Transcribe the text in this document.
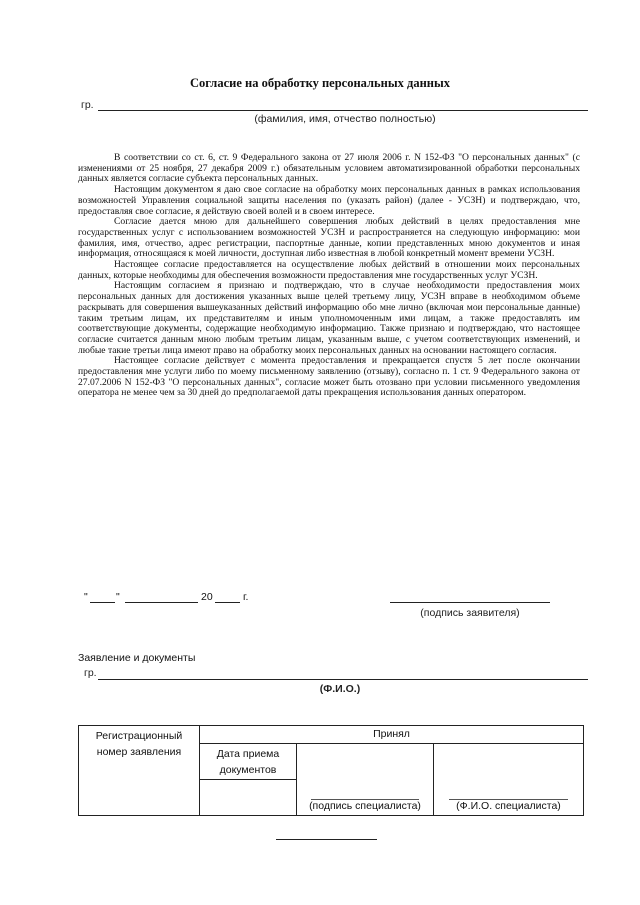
Согласие на обработку персональных данных
гр.
(фамилия, имя, отчество полностью)

В соответствии со ст. 6, ст. 9 Федерального закона от 27 июля 2006 г. N 152-ФЗ "О персональных данных" (с изменениями от 25 ноября, 27 декабря 2009 г.) обязательным условием автоматизированной обработки персональных данных является согласие субъекта персональных данных.

Настоящим документом я даю свое согласие на обработку моих персональных данных в рамках использования возможностей Управления социальной защиты населения по (указать район) (далее - УСЗН) и подтверждаю, что, предоставляя свое согласие, я действую своей волей и в своем интересе.

Согласие дается мною для дальнейшего совершения любых действий в целях предоставления мне государственных услуг с использованием возможностей УСЗН и распространяется на следующую информацию: мои фамилия, имя, отчество, адрес регистрации, паспортные данные, копии представленных мною документов и иная информация, относящаяся к моей личности, доступная либо известная в любой конкретный момент времени УСЗН.

Настоящее согласие предоставляется на осуществление любых действий в отношении моих персональных данных, которые необходимы для обеспечения возможности предоставления мне государственных услуг УСЗН.

Настоящим согласием я признаю и подтверждаю, что в случае необходимости предоставления моих персональных данных для достижения указанных выше целей третьему лицу, УСЗН вправе в необходимом объеме раскрывать для совершения вышеуказанных действий информацию обо мне лично (включая мои персональные данные) таким третьим лицам, их представителям и иным уполномоченным ими лицам, а также предоставлять им соответствующие документы, содержащие необходимую информацию. Также признаю и подтверждаю, что настоящее согласие считается данным мною любым третьим лицам, указанным выше, с учетом соответствующих изменений, и любые такие третьи лица имеют право на обработку моих персональных данных на основании настоящего согласия.

Настоящее согласие действует с момента предоставления и прекращается спустя 5 лет после окончании предоставления мне услуги либо по моему письменному заявлению (отзыву), согласно п. 1 ст. 9 Федерального закона от 27.07.2006 N 152-ФЗ "О персональных данных", согласие может быть отозвано при условии письменного уведомления оператора не менее чем за 30 дней до предполагаемой даты прекращения использования данных оператором.

"	"	20	г.
(подпись заявителя)
Заявление и документы
гр.
(Ф.И.О.)
Регистрационный
номер заявления	Принял		

	Дата приема
документов	(подпись специалиста)	(Ф.И.О. специалиста)
